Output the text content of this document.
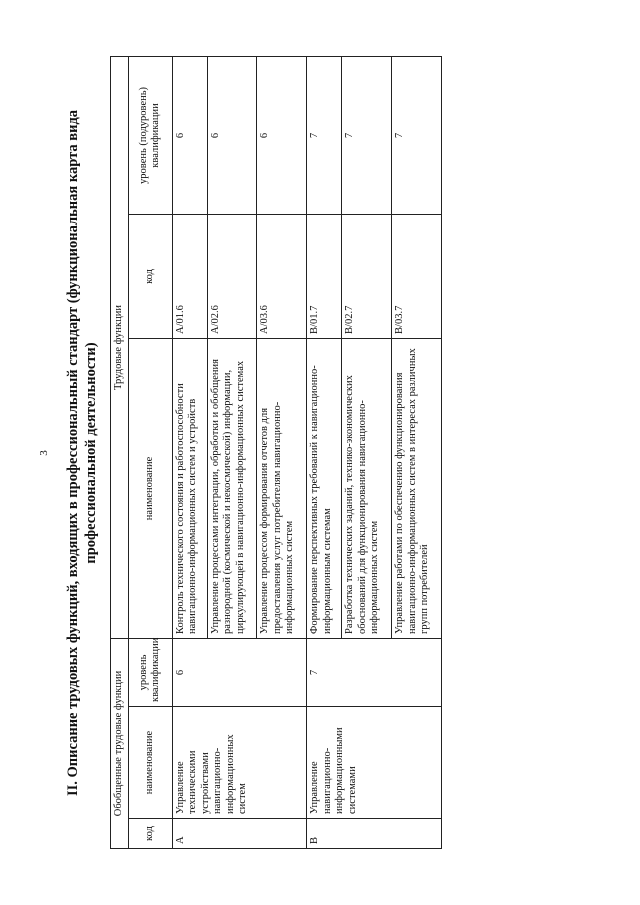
3 II. Описание трудовых функций, входящих в профессиональный стандарт (функциональная карта вида профессиональной деятельности)
Обобщенные трудовые функции			Трудовые функции		
код	наименование	уровень квалификации	наименование	код	уровень (подуровень) квалификации
А	Управление техническими устройствами навигационно-информационных систем	6	Контроль технического состояния и работоспособности навигационно-информационных систем и устройств	А/01.6	6
			Управление процессами интеграции, обработки и обобщения разнородной (космической и некосмической) информации, циркулирующей в навигационно-информационных системах	А/02.6	6
			Управление процессом формирования отчетов для предоставления услуг потребителям навигационно-информационных систем	А/03.6	6
В	Управление навигационно-информационными системами	7	Формирование перспективных требований к навигационно-информационным системам	В/01.7	7
			Разработка технических заданий, технико-экономических обоснований для функционирования навигационно-информационных систем	В/02.7	7
			Управление работами по обеспечению функционирования навигационно-информационных систем в интересах различных групп потребителей	В/03.7	7
